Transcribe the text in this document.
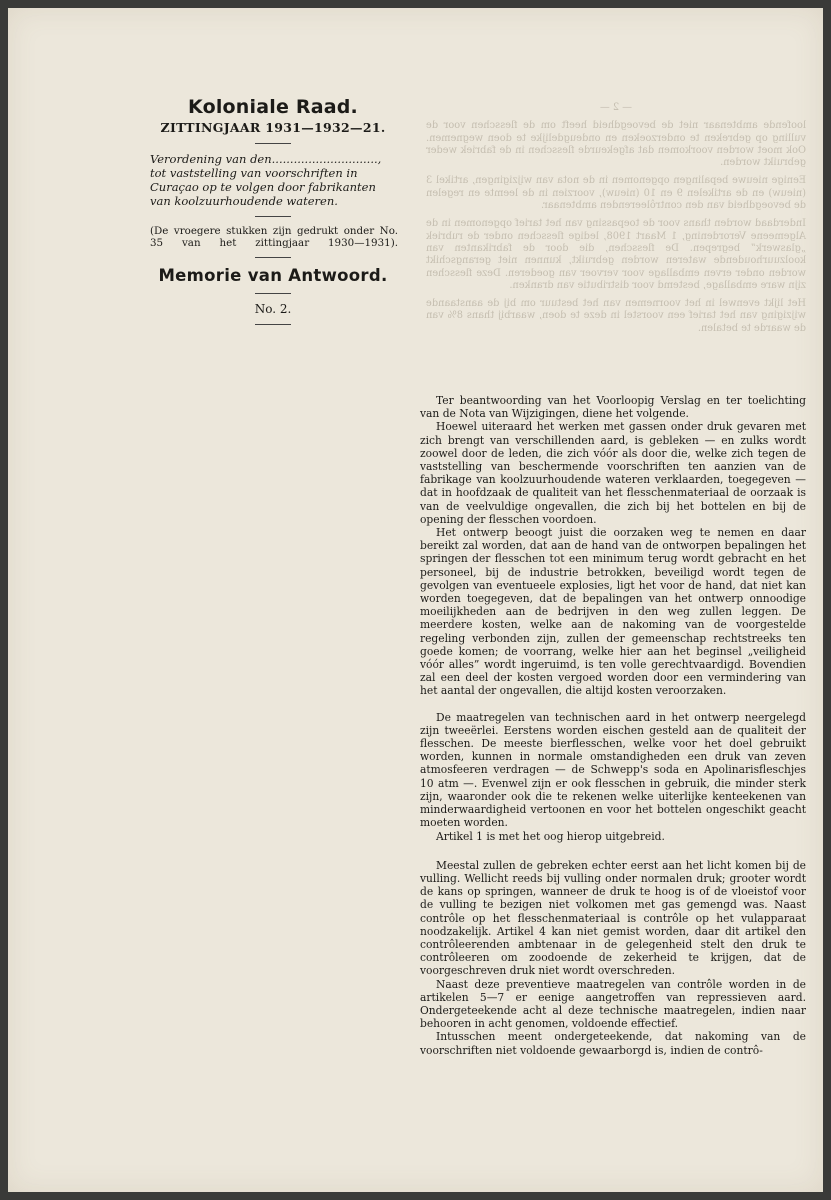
Koloniale Raad.
ZITTINGJAAR 1931—1932—21.
Verordening van den............................., tot vaststelling van voorschriften in Curaçao op te volgen door fabrikanten van koolzuurhoudende wateren.
(De vroegere stukken zijn gedrukt onder No. 35 van het zittingjaar 1930—1931).
Memorie van Antwoord.
No. 2.
— 2 —

loofende ambtenaar niet de bevoegdheid heeft om de flesschen voor de vulling op gebreken te onderzoeken en ondeugdelijke te doen wegnemen. Ook moet worden voorkomen dat afgekeurde flesschen in de fabriek weder gebruikt worden.

Eenige nieuwe bepalingen opgenomen in de nota van wijzigingen, artikel 3 (nieuw) en de artikelen 9 en 10 (nieuw), voorzien in de leemte en regelen de bevoegdheid van den contrôleerenden ambtenaar.

Inderdaad worden thans voor de toepassing van het tarief opgenomen in de Algemeene Verordening, 1 Maart 1908, ledige flesschen onder de rubriek „glaswerk” begrepen. De flesschen, die door de fabrikanten van koolzuurhoudende wateren worden gebruikt, kunnen niet gerangschikt worden onder erven emballage voor vervoer van goederen. Deze flesschen zijn ware emballage, bestemd voor distributie van dranken.

Het lijkt evenwel in het voornemen van het bestuur om bij de aanstaande wijziging van het tarief een voorstel in deze te doen, waarbij thans 8% van de waarde te betalen.

Ter beantwoording van het Voorloopig Verslag en ter toelichting van de Nota van Wijzigingen, diene het volgende.

Hoewel uiteraard het werken met gassen onder druk gevaren met zich brengt van verschillenden aard, is gebleken — en zulks wordt zoowel door de leden, die zich vóór als door die, welke zich tegen de vaststelling van beschermende voorschriften ten aanzien van de fabrikage van koolzuurhoudende wateren verklaarden, toegegeven — dat in hoofdzaak de qualiteit van het flesschenmateriaal de oorzaak is van de veelvuldige ongevallen, die zich bij het bottelen en bij de opening der flesschen voordoen.

Het ontwerp beoogt juist die oorzaken weg te nemen en daar bereikt zal worden, dat aan de hand van de ontworpen bepalingen het springen der flesschen tot een minimum terug wordt gebracht en het personeel, bij de industrie betrokken, beveiligd wordt tegen de gevolgen van eventueele explosies, ligt het voor de hand, dat niet kan worden toegegeven, dat de bepalingen van het ontwerp onnoodige moeilijkheden aan de bedrijven in den weg zullen leggen. De meerdere kosten, welke aan de nakoming van de voorgestelde regeling verbonden zijn, zullen der gemeenschap rechtstreeks ten goede komen; de voorrang, welke hier aan het beginsel „veiligheid vóór alles” wordt ingeruimd, is ten volle gerechtvaardigd. Bovendien zal een deel der kosten vergoed worden door een vermindering van het aantal der ongevallen, die altijd kosten veroorzaken.

De maatregelen van technischen aard in het ontwerp neergelegd zijn tweeërlei. Eerstens worden eischen gesteld aan de qualiteit der flesschen. De meeste bierflesschen, welke voor het doel gebruikt worden, kunnen in normale omstandigheden een druk van zeven atmosfeeren verdragen — de Schwepp's soda en Apolinarisfleschjes 10 atm —. Evenwel zijn er ook flesschen in gebruik, die minder sterk zijn, waaronder ook die te rekenen welke uiterlijke kenteekenen van minderwaardigheid vertoonen en voor het bottelen ongeschikt geacht moeten worden.

Artikel 1 is met het oog hierop uitgebreid.

Meestal zullen de gebreken echter eerst aan het licht komen bij de vulling. Wellicht reeds bij vulling onder normalen druk; grooter wordt de kans op springen, wanneer de druk te hoog is of de vloeistof voor de vulling te bezigen niet volkomen met gas gemengd was. Naast contrôle op het flesschenmateriaal is contrôle op het vulapparaat noodzakelijk. Artikel 4 kan niet gemist worden, daar dit artikel den contrôleerenden ambtenaar in de gelegenheid stelt den druk te contrôleeren om zoodoende de zekerheid te krijgen, dat de voorgeschreven druk niet wordt overschreden.

Naast deze preventieve maatregelen van contrôle worden in de artikelen 5—7 er eenige aangetroffen van repressieven aard. Ondergeteekende acht al deze technische maatregelen, indien naar behooren in acht genomen, voldoende effectief.

Intusschen meent ondergeteekende, dat nakoming van de voorschriften niet voldoende gewaarborgd is, indien de contrô-
